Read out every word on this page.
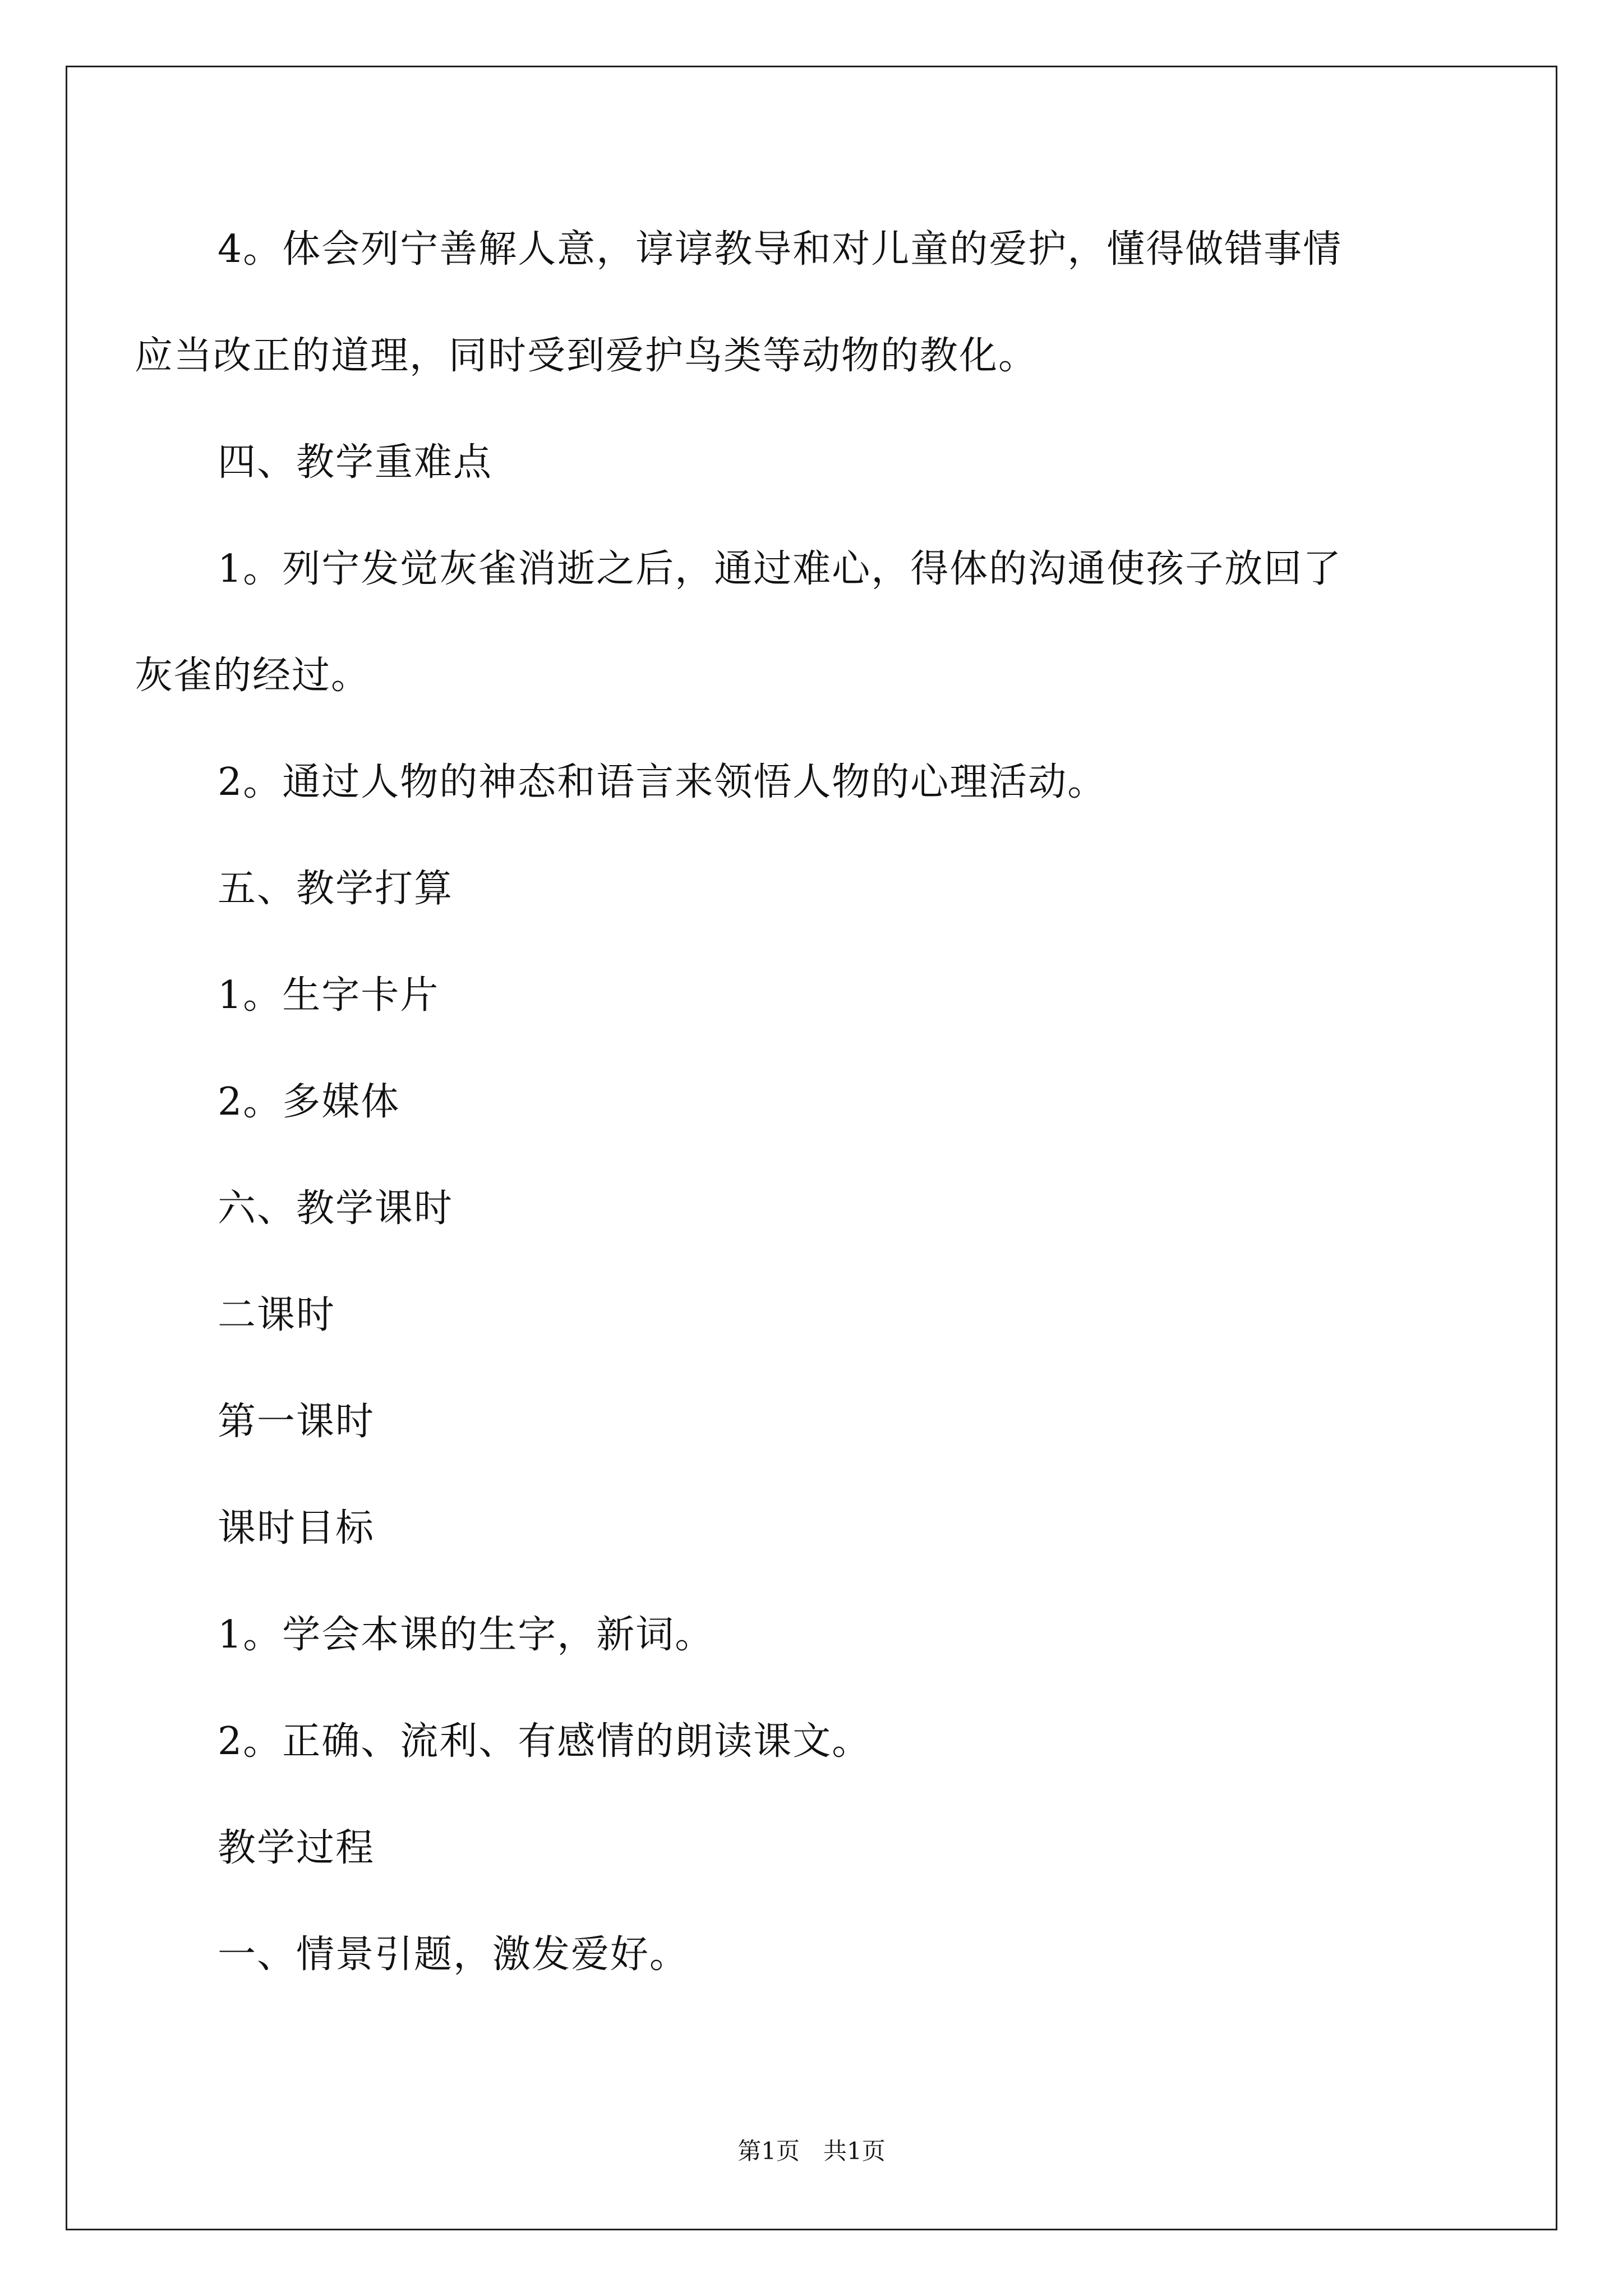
4。体会列宁善解人意，谆谆教导和对儿童的爱护，懂得做错事情
应当改正的道理，同时受到爱护鸟类等动物的教化。
四、教学重难点
1。列宁发觉灰雀消逝之后，通过难心，得体的沟通使孩子放回了
灰雀的经过。
2。通过人物的神态和语言来领悟人物的心理活动。
五、教学打算
1。生字卡片
2。多媒体
六、教学课时
二课时
第一课时
课时目标
1。学会本课的生字，新词。
2。正确、流利、有感情的朗读课文。
教学过程
一、情景引题，激发爱好。
第1页　共1页
